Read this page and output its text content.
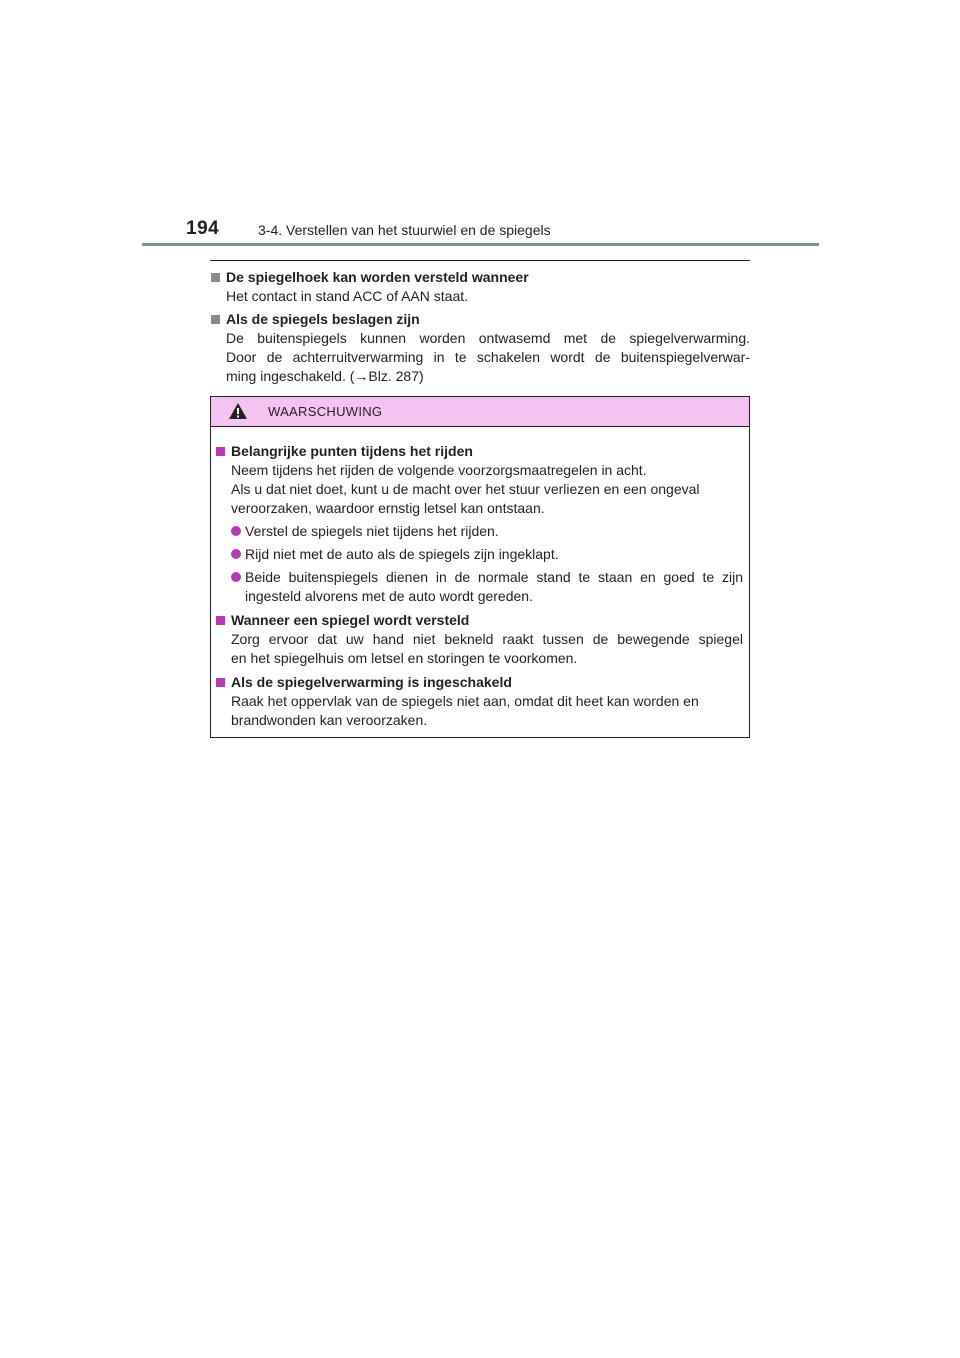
194	3-4. Verstellen van het stuurwiel en de spiegels
De spiegelhoek kan worden versteld wanneer
Het contact in stand ACC of AAN staat.
Als de spiegels beslagen zijn
De buitenspiegels kunnen worden ontwasemd met de spiegelverwarming.
Door de achterruitverwarming in te schakelen wordt de buitenspiegelverwar-
ming ingeschakeld. (→Blz. 287)
WAARSCHUWING
Belangrijke punten tijdens het rijden
Neem tijdens het rijden de volgende voorzorgsmaatregelen in acht.
Als u dat niet doet, kunt u de macht over het stuur verliezen en een ongeval
veroorzaken, waardoor ernstig letsel kan ontstaan.
Verstel de spiegels niet tijdens het rijden.
Rijd niet met de auto als de spiegels zijn ingeklapt.
Beide buitenspiegels dienen in de normale stand te staan en goed te zijn
ingesteld alvorens met de auto wordt gereden.
Wanneer een spiegel wordt versteld
Zorg ervoor dat uw hand niet bekneld raakt tussen de bewegende spiegel
en het spiegelhuis om letsel en storingen te voorkomen.
Als de spiegelverwarming is ingeschakeld
Raak het oppervlak van de spiegels niet aan, omdat dit heet kan worden en
brandwonden kan veroorzaken.
